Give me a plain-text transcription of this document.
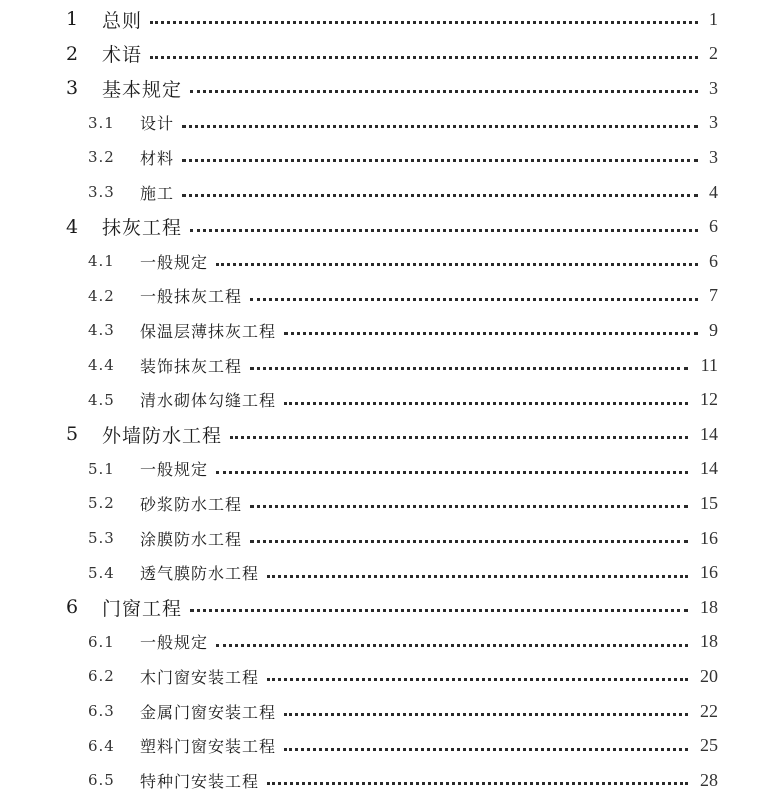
1 总则	1
2 术语	2
3 基本规定	3
3.1 设计	3
3.2 材料	3
3.3 施工	4
4 抹灰工程	6
4.1 一般规定	6
4.2 一般抹灰工程	7
4.3 保温层薄抹灰工程	9
4.4 装饰抹灰工程	11
4.5 清水砌体勾缝工程	12
5 外墙防水工程	14
5.1 一般规定	14
5.2 砂浆防水工程	15
5.3 涂膜防水工程	16
5.4 透气膜防水工程	16
6 门窗工程	18
6.1 一般规定	18
6.2 木门窗安装工程	20
6.3 金属门窗安装工程	22
6.4 塑料门窗安装工程	25
6.5 特种门安装工程	28
